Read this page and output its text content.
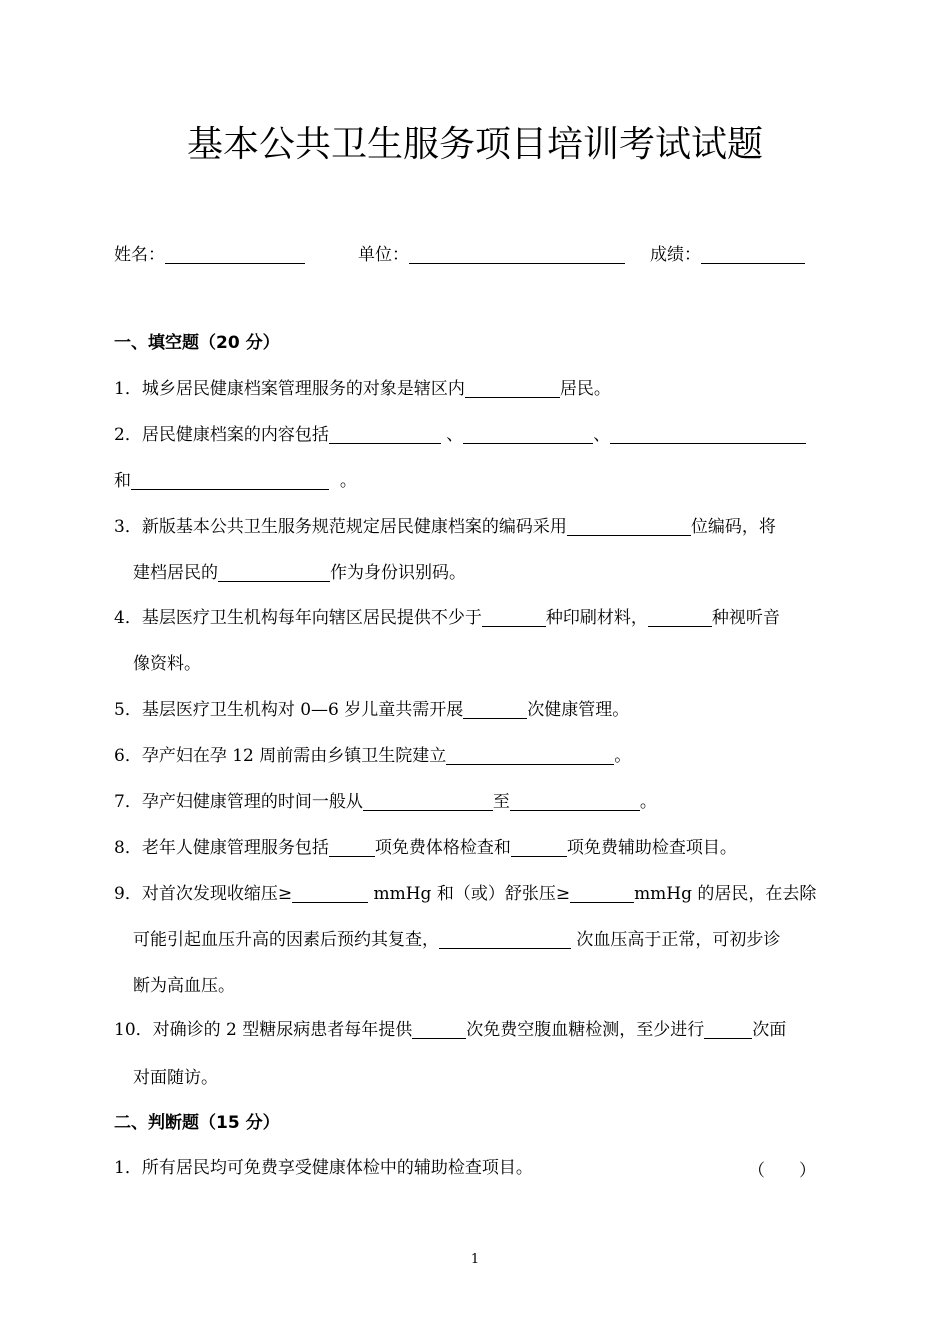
基本公共卫生服务项目培训考试试题
姓名：	单位：	成绩：
一、填空题（20 分）
1．城乡居民健康档案管理服务的对象是辖区内	居民。
2．居民健康档案的内容包括	、	、
和	。
3．新版基本公共卫生服务规范规定居民健康档案的编码采用	位编码，将
建档居民的	作为身份识别码。
4．基层医疗卫生机构每年向辖区居民提供不少于	种印刷材料，	种视听音
像资料。
5．基层医疗卫生机构对 0—6 岁儿童共需开展	次健康管理。
6．孕产妇在孕 12 周前需由乡镇卫生院建立	。
7．孕产妇健康管理的时间一般从	至	。
8．老年人健康管理服务包括	项免费体格检查和	项免费辅助检查项目。
9．对首次发现收缩压≥	mmHg 和（或）舒张压≥	mmHg 的居民，在去除
可能引起血压升高的因素后预约其复查，	次血压高于正常，可初步诊
断为高血压。
10．对确诊的 2 型糖尿病患者每年提供	次免费空腹血糖检测，至少进行	次面
对面随访。
二、判断题（15 分）
1．所有居民均可免费享受健康体检中的辅助检查项目。	（　　）
1
